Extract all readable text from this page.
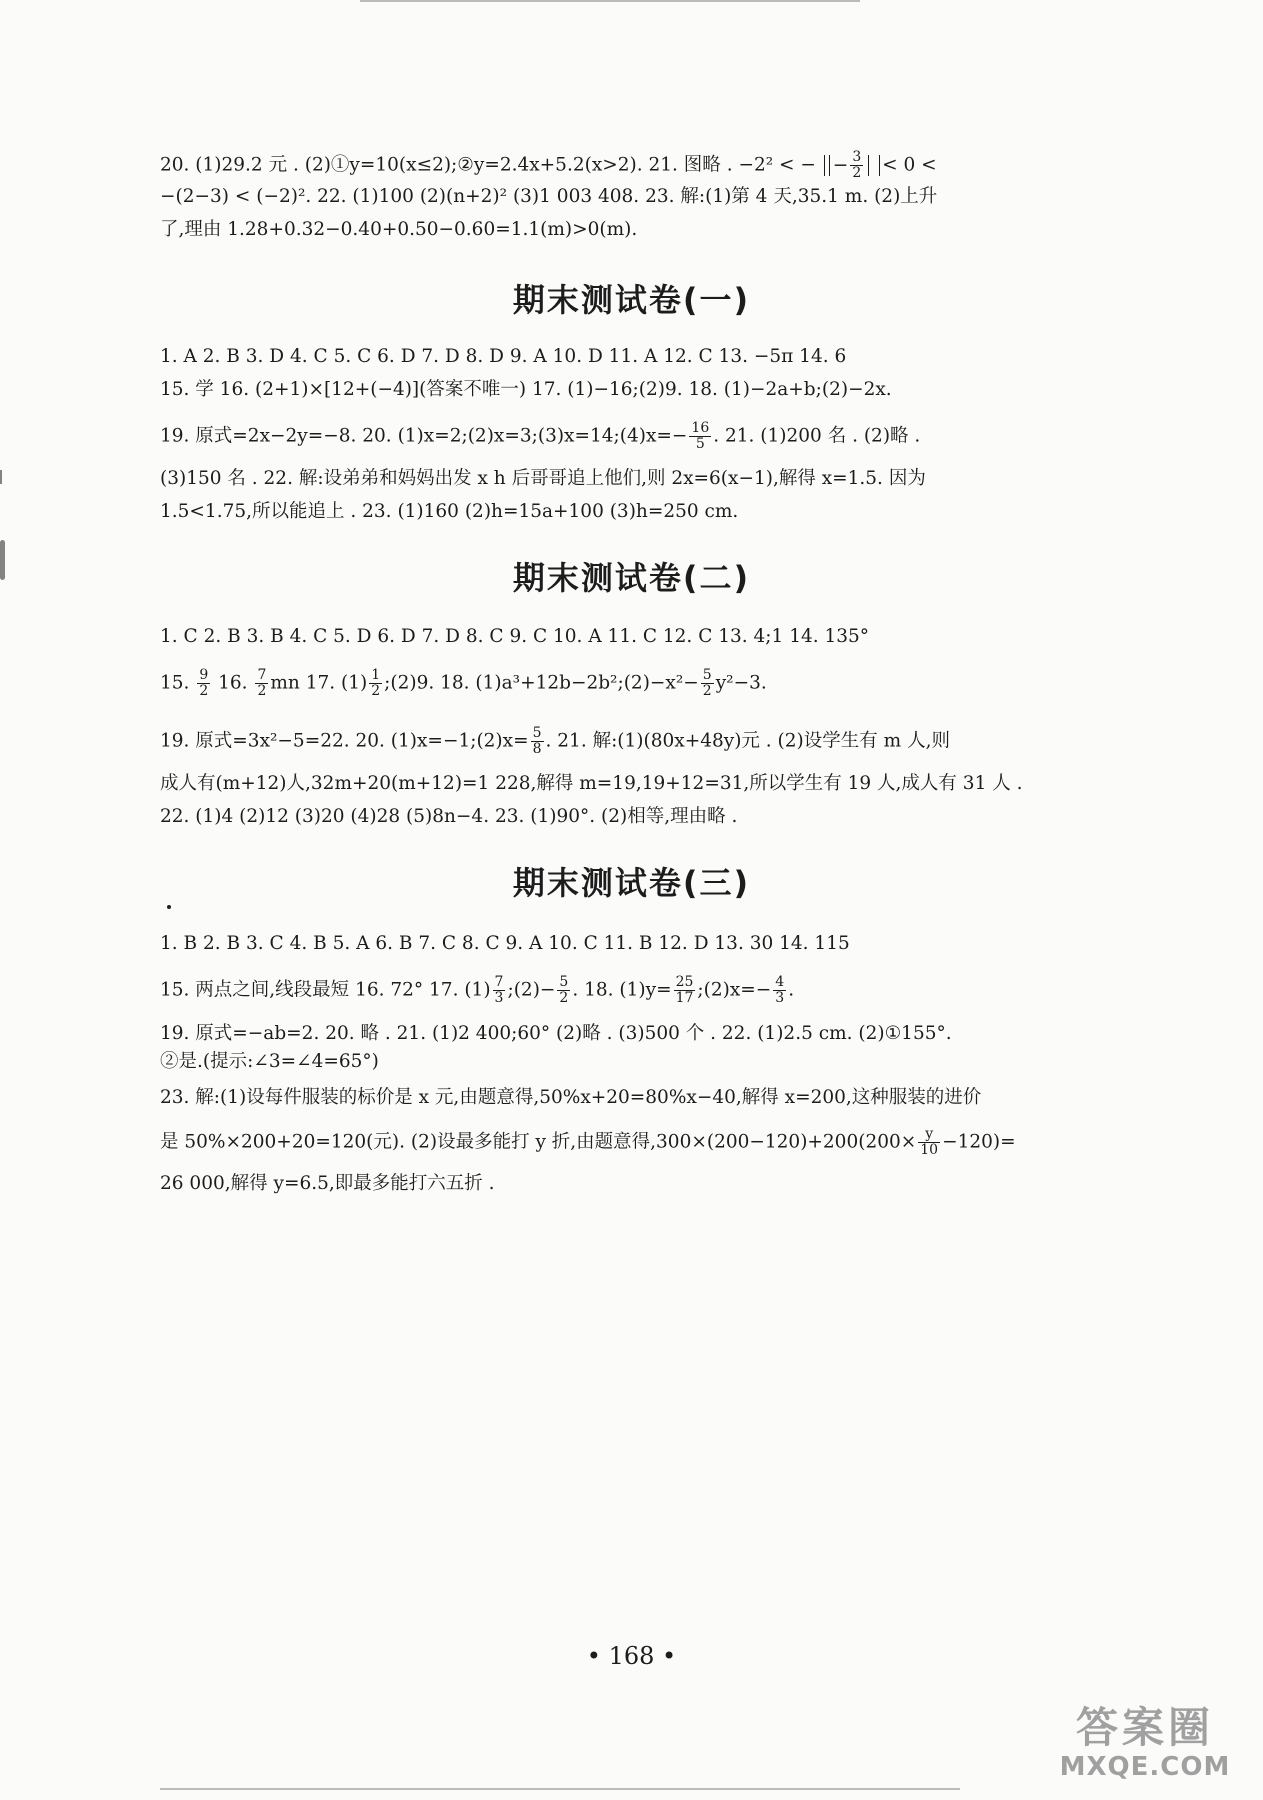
20. (1)29.2 元 . (2)①y=10(x≤2);②y=2.4x+5.2(x>2). 21. 图略 . −2² < − − $\frac{3}{2} < 0$ <
−(2−3) < (−2)². 22. (1)100 (2)(n+2)² (3)1 003 408. 23. 解:(1)第 4 天,35.1 m. (2)上升
了,理由 1.28+0.32−0.40+0.50−0.60=1.1(m)>0(m).
期末测试卷(一)
1. A 2. B 3. D 4. C 5. C 6. D 7. D 8. D 9. A 10. D 11. A 12. C 13. −5π 14. 6
15. 学 16. (2+1)×[12+(−4)](答案不唯一) 17. (1)−16;(2)9. 18. (1)−2a+b;(2)−2x.
19. 原式=2x−2y=−8. 20. (1)x=2;(2)x=3;(3)x=14;(4)x=− $\frac{16}{5}$ . 21. (1)200 名 . (2)略 .
(3)150 名 . 22. 解:设弟弟和妈妈出发 x h 后哥哥追上他们,则 2x=6(x−1),解得 x=1.5. 因为
1.5<1.75,所以能追上 . 23. (1)160 (2)h=15a+100 (3)h=250 cm.
期末测试卷(二)
1. C 2. B 3. B 4. C 5. D 6. D 7. D 8. C 9. C 10. A 11. C 12. C 13. 4;1 14. 135°
15. $\frac{9}{2} 16$. $\frac{7}{2}$ mn 17. $(1) \frac{1}{2}$ ;(2)9. 18. (1)a³+12b−2b²;(2)−x²− $\frac{5}{2} y^2-3$.
19. 原式=3x²−5=22. 20. (1)x=−1;(2)x= $\frac{5}{8}$ . 21. 解:(1)(80x+48y)元 . (2)设学生有 m 人,则
成人有(m+12)人,32m+20(m+12)=1 228,解得 m=19,19+12=31,所以学生有 19 人,成人有 31 人 .
22. (1)4 (2)12 (3)20 (4)28 (5)8n−4. 23. (1)90°. (2)相等,理由略 .
期末测试卷(三)
1. B 2. B 3. C 4. B 5. A 6. B 7. C 8. C 9. A 10. C 11. B 12. D 13. 30 14. 115
15. 两点之间,线段最短 16. 72° 17. $(1) \frac{7}{3}$ ;(2)− $\frac{5}{2}$ . 18. $(1)y= \frac{25}{17}$ ;(2)x=− $\frac{4}{3}$ .
19. 原式=−ab=2. 20. 略 . 21. (1)2 400;60° (2)略 . (3)500 个 . 22. (1)2.5 cm. (2)①155°.
②是.(提示:∠3=∠4=65°)
23. 解:(1)设每件服装的标价是 x 元,由题意得,50%x+20=80%x−40,解得 x=200,这种服装的进价
是 50%×200+20=120(元). (2)设最多能打 y 折,由题意得$,300\times(200-120)+200(200\times \frac{y}{10} -120)=$
26 000,解得 y=6.5,即最多能打六五折 .
• 168 •
答案圈
MXQE.COM
